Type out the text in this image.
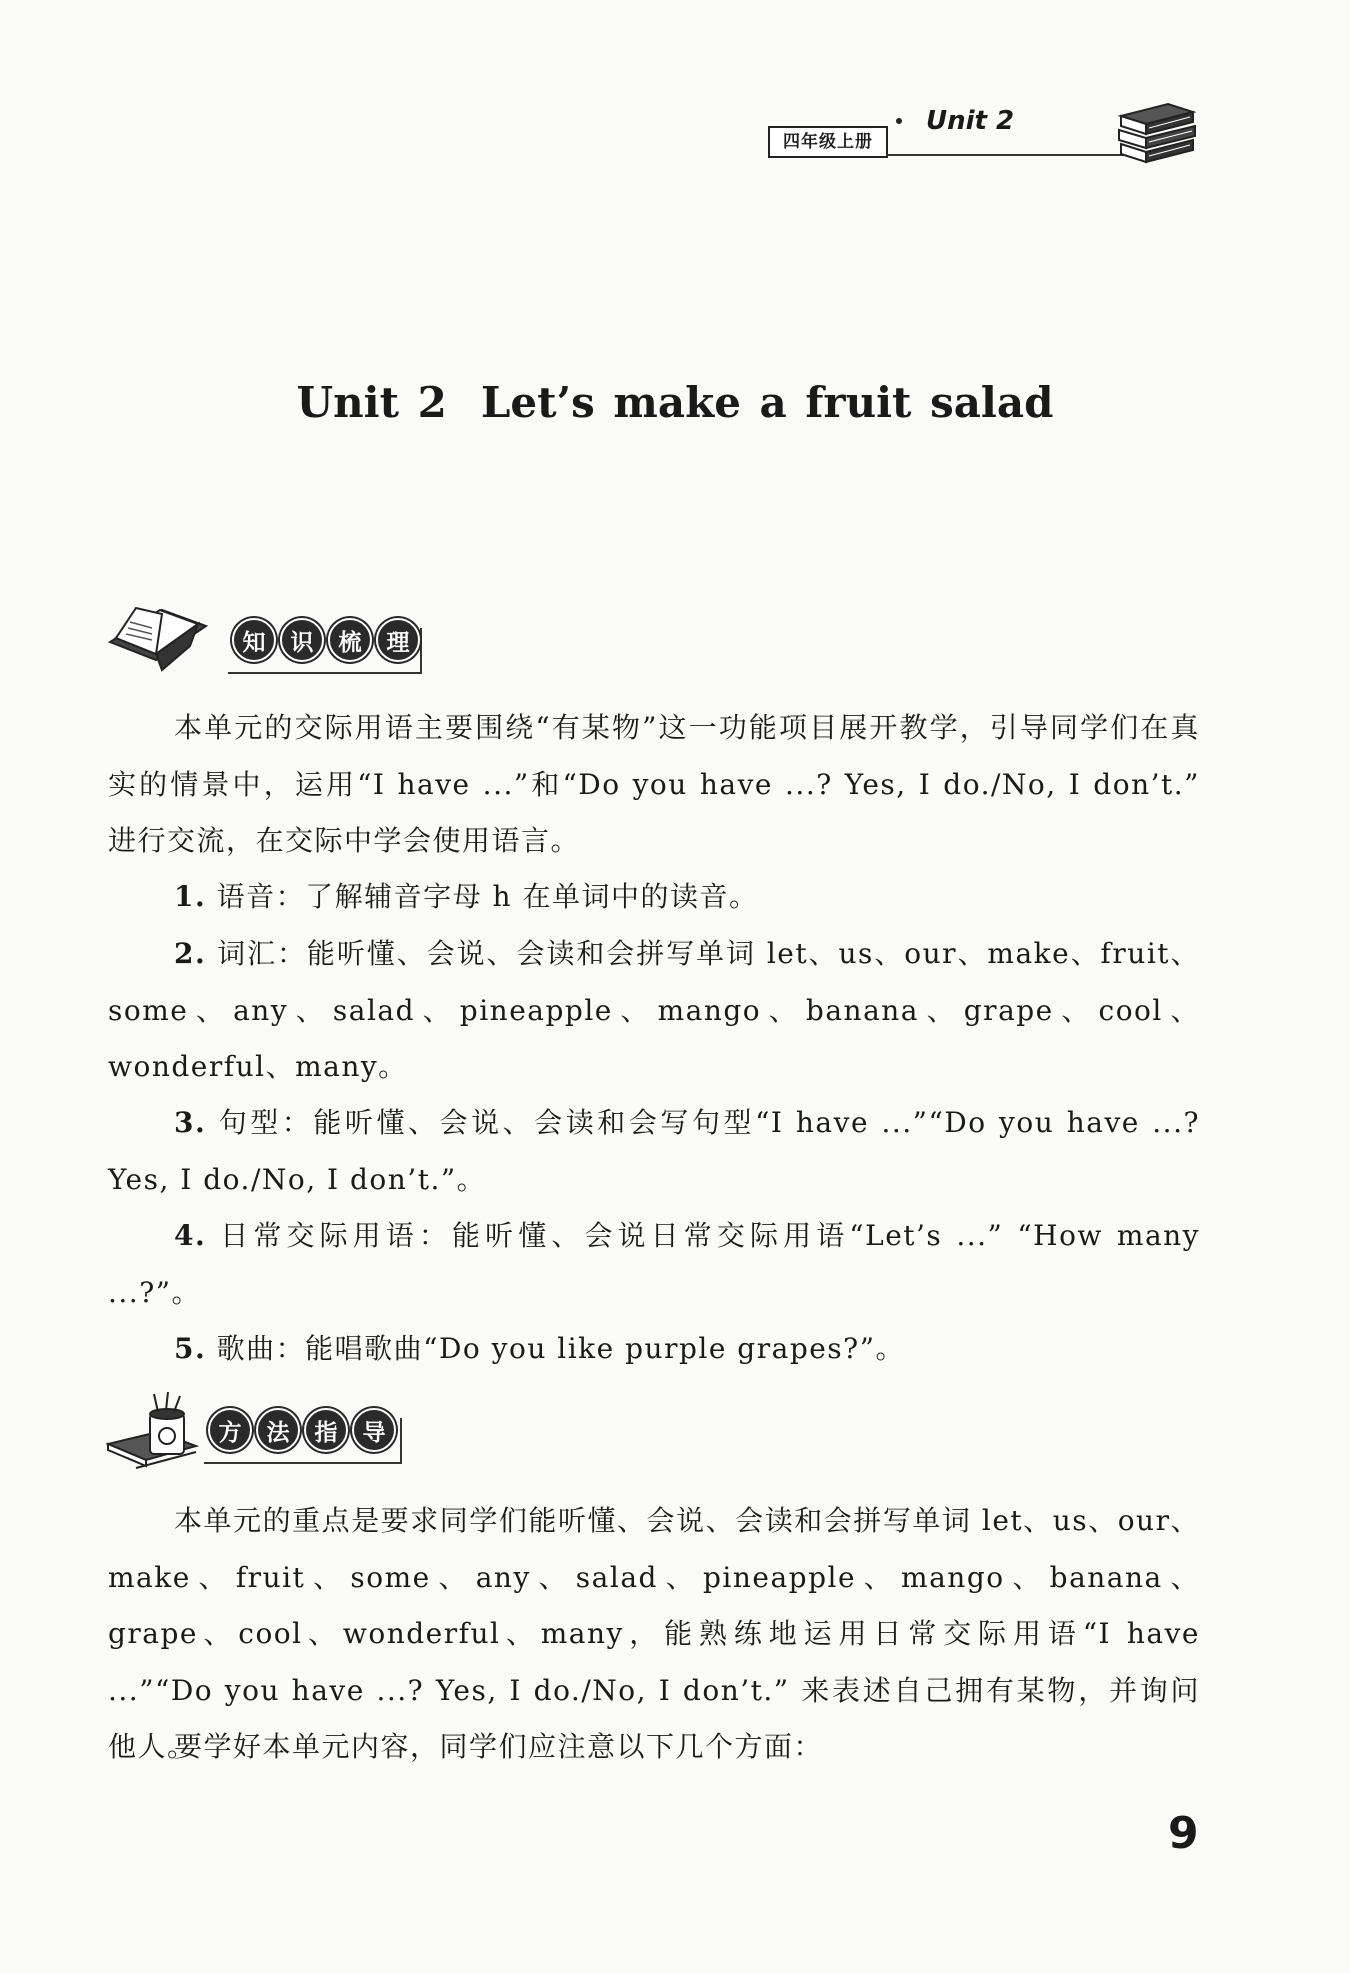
四年级上册
Unit 2
Unit 2 Let’s make a fruit salad
知	识	梳	理

本单元的交际用语主要围绕“有某物”这一功能项目展开教学，引导同学们在真实的情景中，运用“I have ...”和“Do you have ...? Yes, I do./No, I don’t.” 进行交流，在交际中学会使用语言。

1. 语音：了解辅音字母 h 在单词中的读音。

2. 词汇：能听懂、会说、会读和会拼写单词 let、us、our、make、fruit、some、any、salad、pineapple、mango、banana、grape、cool、wonderful、many。

3. 句型：能听懂、会说、会读和会写句型“I have ...”“Do you have ...? Yes, I do./No, I don’t.”。

4. 日常交际用语：能听懂、会说日常交际用语“Let’s ...” “How many ...?”。

5. 歌曲：能唱歌曲“Do you like purple grapes?”。

方	法	指	导

本单元的重点是要求同学们能听懂、会说、会读和会拼写单词 let、us、our、make、fruit、some、any、salad、pineapple、mango、banana、grape、cool、wonderful、many，能熟练地运用日常交际用语“I have ...”“Do you have ...? Yes, I do./No, I don’t.” 来表述自己拥有某物，并询问他人。

要学好本单元内容，同学们应注意以下几个方面：

9
